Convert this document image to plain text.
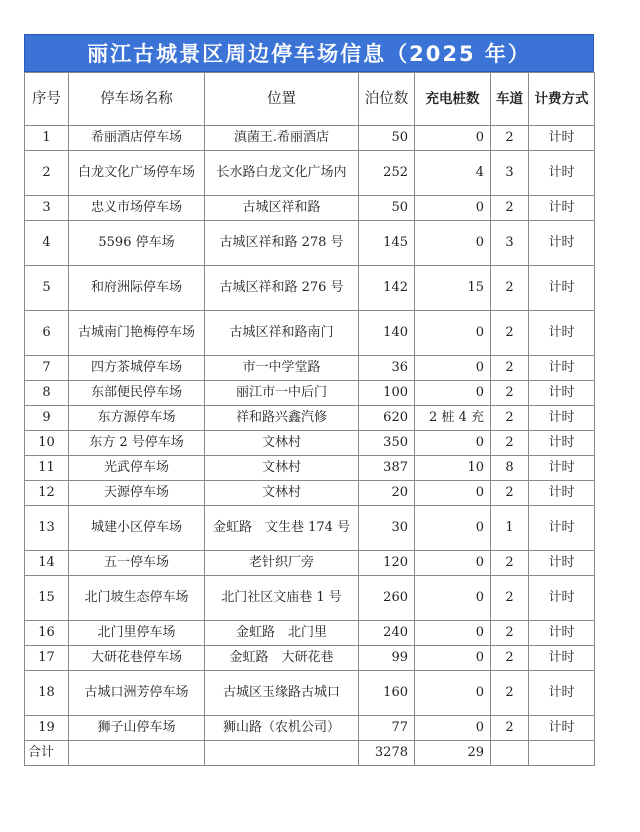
丽江古城景区周边停车场信息（2025 年）
序号	停车场名称	位置	泊位数	充电桩数	车道	计费方式
1	希丽酒店停车场	滇菌王.希丽酒店	50	0	2	计时
2	白龙文化广场停车场	长水路白龙文化广场内	252	4	3	计时
3	忠义市场停车场	古城区祥和路	50	0	2	计时
4	5596 停车场	古城区祥和路 278 号	145	0	3	计时
5	和府洲际停车场	古城区祥和路 276 号	142	15	2	计时
6	古城南门艳梅停车场	古城区祥和路南门	140	0	2	计时
7	四方茶城停车场	市一中学堂路	36	0	2	计时
8	东部便民停车场	丽江市一中后门	100	0	2	计时
9	东方源停车场	祥和路兴鑫汽修	620	2 桩 4 充	2	计时
10	东方 2 号停车场	文林村	350	0	2	计时
11	光武停车场	文林村	387	10	8	计时
12	天源停车场	文林村	20	0	2	计时
13	城建小区停车场	金虹路　文生巷 174 号	30	0	1	计时
14	五一停车场	老针织厂旁	120	0	2	计时
15	北门坡生态停车场	北门社区文庙巷 1 号	260	0	2	计时
16	北门里停车场	金虹路　北门里	240	0	2	计时
17	大研花巷停车场	金虹路　大研花巷	99	0	2	计时
18	古城口洲芳停车场	古城区玉缘路古城口	160	0	2	计时
19	狮子山停车场	狮山路（农机公司）	77	0	2	计时
合计			3278	29		
